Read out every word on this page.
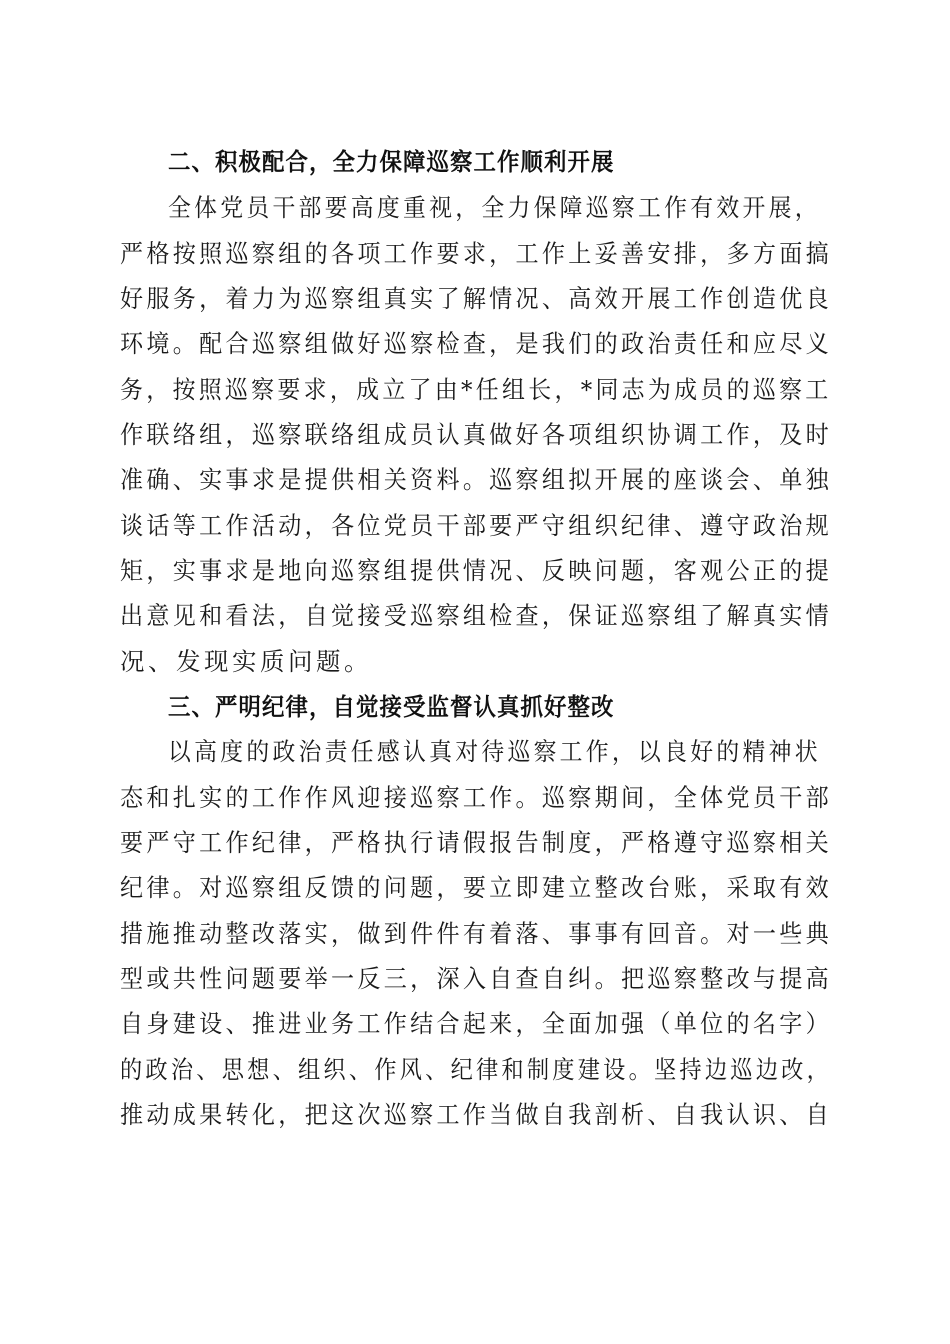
二、积极配合，全力保障巡察工作顺利开展
全体党员干部要高度重视，全力保障巡察工作有效开展，
严格按照巡察组的各项工作要求，工作上妥善安排，多方面搞
好服务，着力为巡察组真实了解情况、高效开展工作创造优良
环境。配合巡察组做好巡察检查，是我们的政治责任和应尽义
务，按照巡察要求，成立了由*任组长，*同志为成员的巡察工
作联络组，巡察联络组成员认真做好各项组织协调工作，及时
准确、实事求是提供相关资料。巡察组拟开展的座谈会、单独
谈话等工作活动，各位党员干部要严守组织纪律、遵守政治规
矩，实事求是地向巡察组提供情况、反映问题，客观公正的提
出意见和看法，自觉接受巡察组检查，保证巡察组了解真实情
况、发现实质问题。
三、严明纪律，自觉接受监督认真抓好整改
以高度的政治责任感认真对待巡察工作，以良好的精神状
态和扎实的工作作风迎接巡察工作。巡察期间，全体党员干部
要严守工作纪律，严格执行请假报告制度，严格遵守巡察相关
纪律。对巡察组反馈的问题，要立即建立整改台账，采取有效
措施推动整改落实，做到件件有着落、事事有回音。对一些典
型或共性问题要举一反三，深入自查自纠。把巡察整改与提高
自身建设、推进业务工作结合起来，全面加强（单位的名字）
的政治、思想、组织、作风、纪律和制度建设。坚持边巡边改，
推动成果转化，把这次巡察工作当做自我剖析、自我认识、自
